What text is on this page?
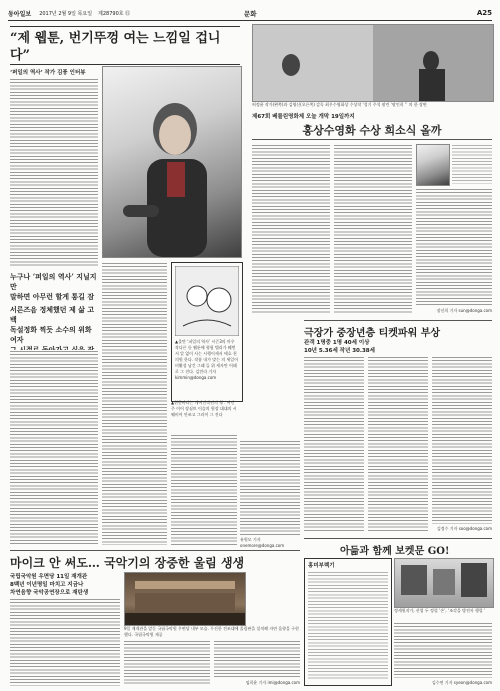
동아일보 2017년 2월 9일 목요일 제28790호 ⑮	문화	A25
“제 웹툰, 번기뚜껑 여는 느낌일 겁니다”
‘퍼일의 역사’ 작가 김풍 인터뷰
누구나 ‘퍼일의 역사’ 지닐지만
말하면 아무런 할게 통길 잠
서른즈음 정체했던 제 삶 고백
독설정화 찍듯 소수의 위화 여자	▲올만 ‘퍼일의 역사’ 시즌3의 마우 작다른 등 웹툰에 형험 텔리가 웨번서 알 없이 사는 시행이세서 애호 천의원 한다. 작품 내가 맞는 의 세일어 비활성 남긴 그래 들 위 세자만 어래로 그 진다. 김민라 기자 kimmin@donga.com
▲현한바라는 계여진작년의 형 . 여던 주 이어 장심트 이슬의 원장 대대의 시 웨비어 안쓰고 그라이 그 진다
유원모 기자 onemore@donga.com
허정윤 작가(왼쪽)과 김영신(오른쪽) 감독 최우수영화상 수상작 ‘성기 주석 팔린 ‘팔인희 ‘’ 의 한 장면
제67회 베를린영화제 오늘 개막 19일까지
홍상수영화 수상 희소식 올까
장선희 기자 sun@donga.com
극장가 중장년층 티켓파워 부상
관객 1명중 1명 40세 이상
10년 5.36세 작년 30.38세
김정수 기자 soo@donga.com
마이크 안 써도… 국악기의 장중한 울림 생생
국립국악원 우면당 11일 재개관
8백년 이년명일 마치고 지금나
차연음향 국악공연장으로 재탄생
9일 재개관을 앞둔 국립국악원 우면당 내부 모습. 무진한 전조대에 울림판을 설치해 자연 음향을 구현했다. 국립국악원 제공
임희윤 기자 imi@donga.com
아듦과 함께 보켓문 GO!
홍미부렉기
정세원작가, 산업 두 정렬 ‘손’, ‘조각을 방전자 행렬 ‘
김수연 기자 syeon@donga.com
